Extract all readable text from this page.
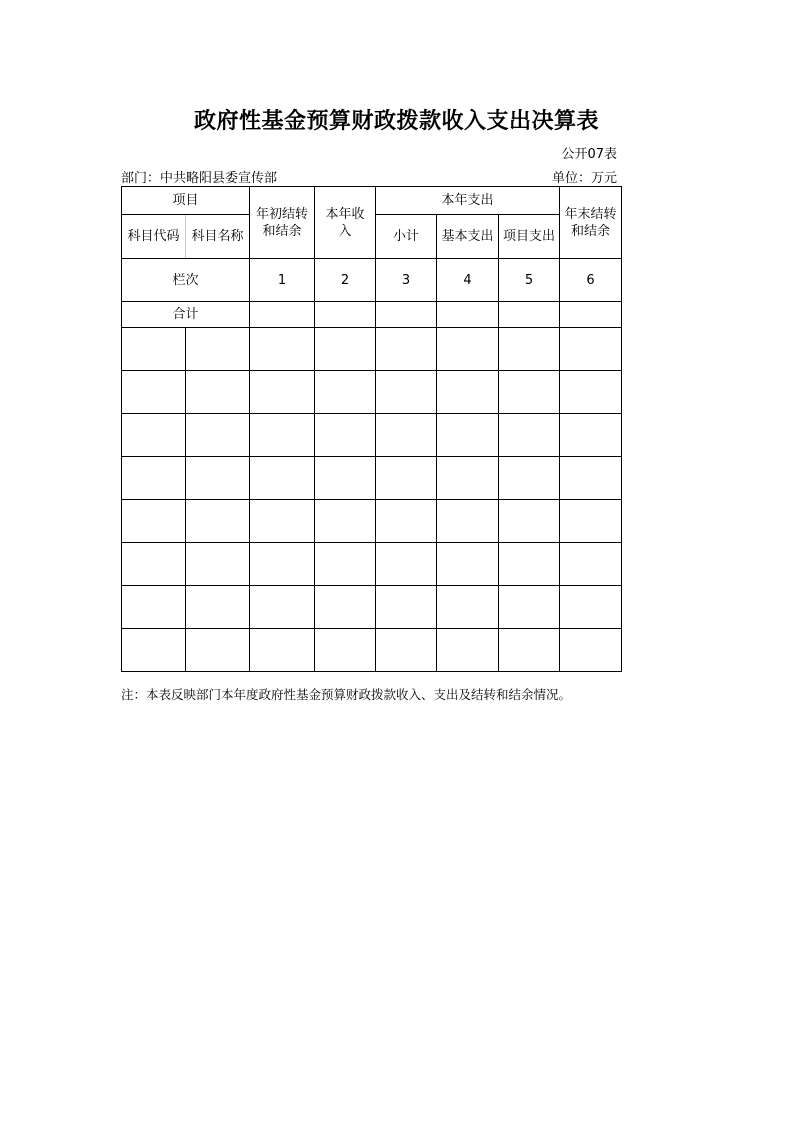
政府性基金预算财政拨款收入支出决算表
公开07表
部门：中共略阳县委宣传部	单位：万元
项目		年初结转和结余	本年收入	本年支出			年末结转和结余
科目代码	科目名称			小计	基本支出	项目支出	
栏次		1	2	3	4	5	6
合计							

注：本表反映部门本年度政府性基金预算财政拨款收入、支出及结转和结余情况。
